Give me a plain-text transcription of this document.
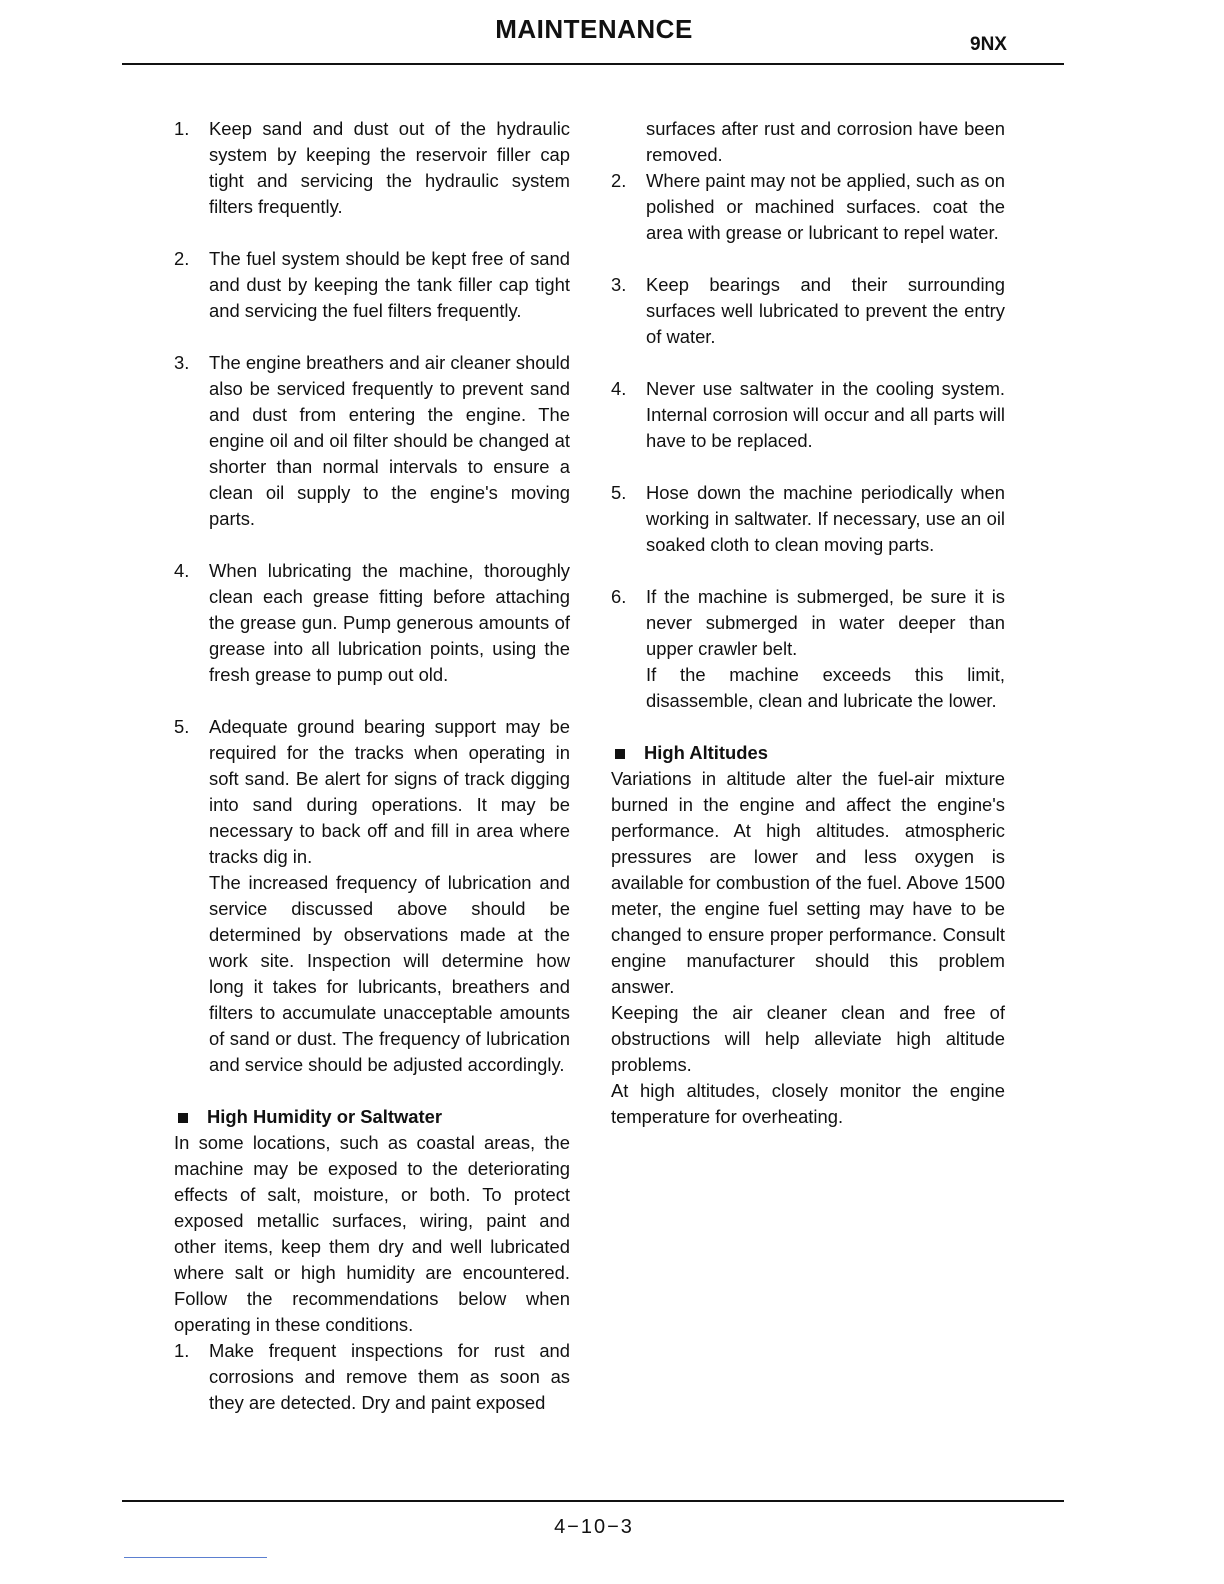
MAINTENANCE
9NX
1. Keep sand and dust out of the hydraulic system by keeping the reservoir filler cap tight and servicing the hydraulic system filters frequently.

2. The fuel system should be kept free of sand and dust by keeping the tank filler cap tight and servicing the fuel filters frequently.

3. The engine breathers and air cleaner should also be serviced frequently to prevent sand and dust from entering the engine. The engine oil and oil filter should be changed at shorter than normal intervals to ensure a clean oil supply to the engine's moving parts.

4. When lubricating the machine, thoroughly clean each grease fitting before attaching the grease gun. Pump generous amounts of grease into all lubrication points, using the fresh grease to pump out old.

5. Adequate ground bearing support may be required for the tracks when operating in soft sand. Be alert for signs of track digging into sand during operations. It may be necessary to back off and fill in area where tracks dig in.

The increased frequency of lubrication and service discussed above should be determined by observations made at the work site. Inspection will determine how long it takes for lubricants, breathers and filters to accumulate unacceptable amounts of sand or dust. The frequency of lubrication and service should be adjusted accordingly.

High Humidity or Saltwater

In some locations, such as coastal areas, the machine may be exposed to the deteriorating effects of salt, moisture, or both. To protect exposed metallic surfaces, wiring, paint and other items, keep them dry and well lubricated where salt or high humidity are encountered. Follow the recommendations below when operating in these conditions.

1. Make frequent inspections for rust and corrosions and remove them as soon as they are detected. Dry and paint exposed

surfaces after rust and corrosion have been removed.

2. Where paint may not be applied, such as on polished or machined surfaces. coat the area with grease or lubricant to repel water.

3. Keep bearings and their surrounding surfaces well lubricated to prevent the entry of water.

4. Never use saltwater in the cooling system. Internal corrosion will occur and all parts will have to be replaced.

5. Hose down the machine periodically when working in saltwater. If necessary, use an oil soaked cloth to clean moving parts.

6. If the machine is submerged, be sure it is never submerged in water deeper than upper crawler belt.

If the machine exceeds this limit, disassemble, clean and lubricate the lower.

High Altitudes

Variations in altitude alter the fuel-air mixture burned in the engine and affect the engine's performance. At high altitudes. atmospheric pressures are lower and less oxygen is available for combustion of the fuel. Above 1500 meter, the engine fuel setting may have to be changed to ensure proper performance. Consult engine manufacturer should this problem answer.

Keeping the air cleaner clean and free of obstructions will help alleviate high altitude problems.

At high altitudes, closely monitor the engine temperature for overheating.

4−10−3
